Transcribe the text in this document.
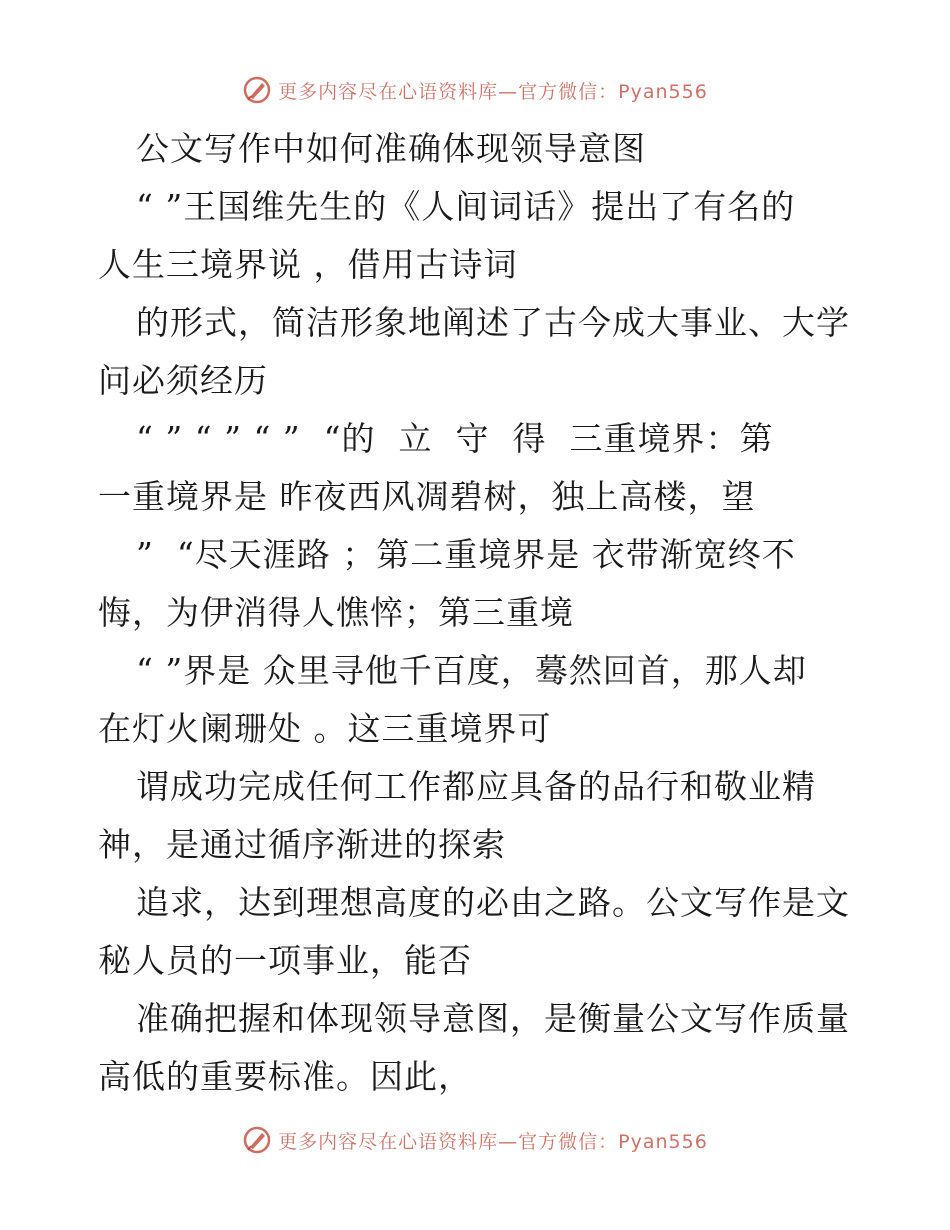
更多内容尽在心语资料库—官方微信：Pyan556
公文写作中如何准确体现领导意图
“ ”王国维先生的《人间词话》提出了有名的
人生三境界说 ，借用古诗词
的形式，简洁形象地阐述了古今成大事业、大学
问必须经历
“ ” “ ” “ ”  “的  立  守  得  三重境界：第
一重境界是 昨夜西风凋碧树，独上高楼，望
”  “尽天涯路 ；第二重境界是 衣带渐宽终不
悔，为伊消得人憔悴；第三重境
“ ”界是 众里寻他千百度，蓦然回首，那人却
在灯火阑珊处 。这三重境界可
谓成功完成任何工作都应具备的品行和敬业精
神，是通过循序渐进的探索
追求，达到理想高度的必由之路。公文写作是文
秘人员的一项事业，能否
准确把握和体现领导意图，是衡量公文写作质量
高低的重要标准。因此，
更多内容尽在心语资料库—官方微信：Pyan556
